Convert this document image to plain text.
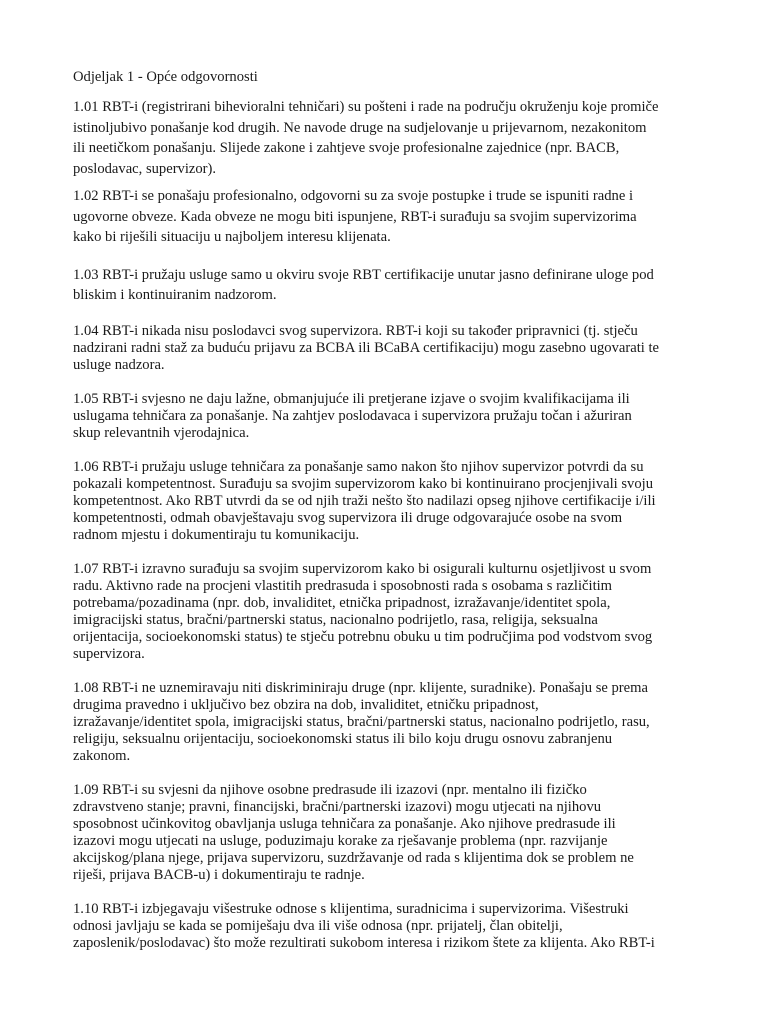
Odjeljak 1 - Opće odgovornosti
1.01 RBT-i (registrirani bihevioralni tehničari) su pošteni i rade na području okruženju koje promiče
istinoljubivo ponašanje kod drugih. Ne navode druge na sudjelovanje u prijevarnom, nezakonitom
ili neetičkom ponašanju. Slijede zakone i zahtjeve svoje profesionalne zajednice (npr. BACB,
poslodavac, supervizor).
1.02 RBT-i se ponašaju profesionalno, odgovorni su za svoje postupke i trude se ispuniti radne i
ugovorne obveze. Kada obveze ne mogu biti ispunjene, RBT-i surađuju sa svojim supervizorima
kako bi riješili situaciju u najboljem interesu klijenata.
1.03 RBT-i pružaju usluge samo u okviru svoje RBT certifikacije unutar jasno definirane uloge pod
bliskim i kontinuiranim nadzorom.
1.04 RBT-i nikada nisu poslodavci svog supervizora. RBT-i koji su također pripravnici (tj. stječu
nadzirani radni staž za buduću prijavu za BCBA ili BCaBA certifikaciju) mogu zasebno ugovarati te
usluge nadzora.
1.05 RBT-i svjesno ne daju lažne, obmanjujuće ili pretjerane izjave o svojim kvalifikacijama ili
uslugama tehničara za ponašanje. Na zahtjev poslodavaca i supervizora pružaju točan i ažuriran
skup relevantnih vjerodajnica.
1.06 RBT-i pružaju usluge tehničara za ponašanje samo nakon što njihov supervizor potvrdi da su
pokazali kompetentnost. Surađuju sa svojim supervizorom kako bi kontinuirano procjenjivali svoju
kompetentnost. Ako RBT utvrdi da se od njih traži nešto što nadilazi opseg njihove certifikacije i/ili
kompetentnosti, odmah obavještavaju svog supervizora ili druge odgovarajuće osobe na svom
radnom mjestu i dokumentiraju tu komunikaciju.
1.07 RBT-i izravno surađuju sa svojim supervizorom kako bi osigurali kulturnu osjetljivost u svom
radu. Aktivno rade na procjeni vlastitih predrasuda i sposobnosti rada s osobama s različitim
potrebama/pozadinama (npr. dob, invaliditet, etnička pripadnost, izražavanje/identitet spola,
imigracijski status, bračni/partnerski status, nacionalno podrijetlo, rasa, religija, seksualna
orijentacija, socioekonomski status) te stječu potrebnu obuku u tim područjima pod vodstvom svog
supervizora.
1.08 RBT-i ne uznemiravaju niti diskriminiraju druge (npr. klijente, suradnike). Ponašaju se prema
drugima pravedno i uključivo bez obzira na dob, invaliditet, etničku pripadnost,
izražavanje/identitet spola, imigracijski status, bračni/partnerski status, nacionalno podrijetlo, rasu,
religiju, seksualnu orijentaciju, socioekonomski status ili bilo koju drugu osnovu zabranjenu
zakonom.
1.09 RBT-i su svjesni da njihove osobne predrasude ili izazovi (npr. mentalno ili fizičko
zdravstveno stanje; pravni, financijski, bračni/partnerski izazovi) mogu utjecati na njihovu
sposobnost učinkovitog obavljanja usluga tehničara za ponašanje. Ako njihove predrasude ili
izazovi mogu utjecati na usluge, poduzimaju korake za rješavanje problema (npr. razvijanje
akcijskog/plana njege, prijava supervizoru, suzdržavanje od rada s klijentima dok se problem ne
riješi, prijava BACB-u) i dokumentiraju te radnje.
1.10 RBT-i izbjegavaju višestruke odnose s klijentima, suradnicima i supervizorima. Višestruki
odnosi javljaju se kada se pomiješaju dva ili više odnosa (npr. prijatelj, član obitelji,
zaposlenik/poslodavac) što može rezultirati sukobom interesa i rizikom štete za klijenta. Ako RBT-i
